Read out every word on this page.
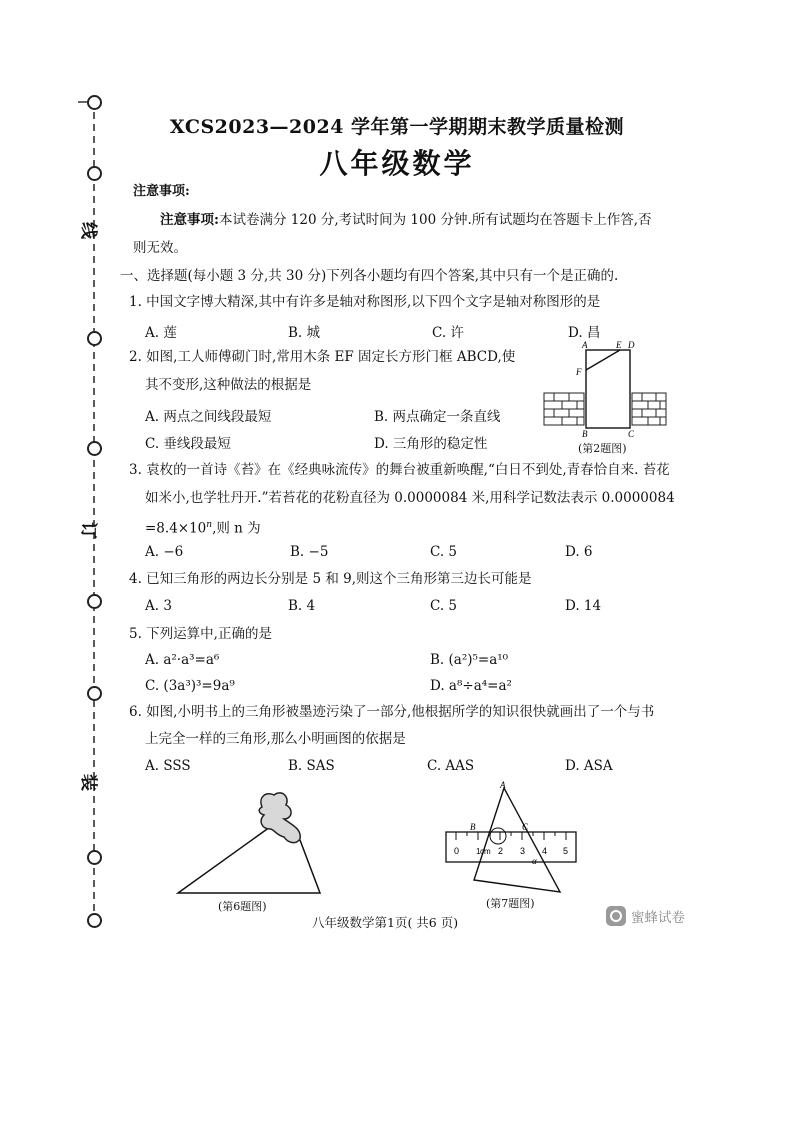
线
订
装
XCS2023—2024 学年第一学期期末教学质量检测
八年级数学
注意事项:
注意事项:本试卷满分 120 分,考试时间为 100 分钟.所有试题均在答题卡上作答,否
则无效。
一、选择题(每小题 3 分,共 30 分)下列各小题均有四个答案,其中只有一个是正确的.
1. 中国文字博大精深,其中有许多是轴对称图形,以下四个文字是轴对称图形的是
A. 莲	B. 城	C. 许	D. 昌
2. 如图,工人师傅砌门时,常用木条 EF 固定长方形门框 ABCD,使
其不变形,这种做法的根据是
A. 两点之间线段最短	B. 两点确定一条直线
C. 垂线段最短	D. 三角形的稳定性
A	E D
F
B	C
(第2题图)
3. 袁枚的一首诗《苔》在《经典咏流传》的舞台被重新唤醒,“白日不到处,青春恰自来. 苔花
如米小,也学牡丹开.”若苔花的花粉直径为 0.0000084 米,用科学记数法表示 0.0000084
$=8.4\times 10^n$,则 n 为
A. −6	B. −5	C. 5	D. 6
4. 已知三角形的两边长分别是 5 和 9,则这个三角形第三边长可能是
A. 3	B. 4	C. 5	D. 14
5. 下列运算中,正确的是
A. a²·a³=a⁶	B. (a²)⁵=a¹⁰
C. (3a³)³=9a⁹	D. a⁸÷a⁴=a²
6. 如图,小明书上的三角形被墨迹污染了一部分,他根据所学的知识很快就画出了一个与书
上完全一样的三角形,那么小明画图的依据是
A. SSS	B. SAS	C. AAS	D. ASA
(第6题图)
0 1 cm 2 3 4 5
A
B	C
α
(第7题图)
八年级数学第1页( 共6 页)	蜜蜂试卷
